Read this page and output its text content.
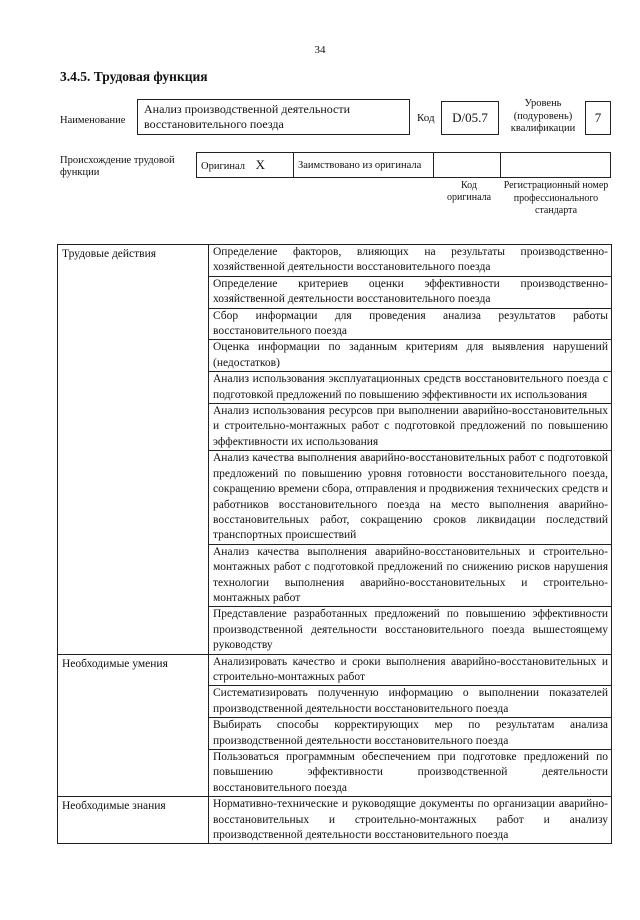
34
3.4.5. Трудовая функция
Наименование
Анализ производственной деятельности восстановительного поезда	Код	D/05.7
Уровень (подуровень) квалификации
7
Происхождение трудовой функции
Оригинал X	Заимствовано из оригинала		
Код оригинала
Регистрационный номер профессионального стандарта
Трудовые действия	Определение факторов, влияющих на результаты производственно-хозяйственной деятельности восстановительного поезда
	Определение критериев оценки эффективности производственно-хозяйственной деятельности восстановительного поезда
	Сбор информации для проведения анализа результатов работы восстановительного поезда
	Оценка информации по заданным критериям для выявления нарушений (недостатков)
	Анализ использования эксплуатационных средств восстановительного поезда с подготовкой предложений по повышению эффективности их использования
	Анализ использования ресурсов при выполнении аварийно-восстановительных и строительно-монтажных работ с подготовкой предложений по повышению эффективности их использования
	Анализ качества выполнения аварийно-восстановительных работ с подготовкой предложений по повышению уровня готовности восстановительного поезда, сокращению времени сбора, отправления и продвижения технических средств и работников восстановительного поезда на место выполнения аварийно-восстановительных работ, сокращению сроков ликвидации последствий транспортных происшествий
	Анализ качества выполнения аварийно-восстановительных и строительно-монтажных работ с подготовкой предложений по снижению рисков нарушения технологии выполнения аварийно-восстановительных и строительно-монтажных работ
	Представление разработанных предложений по повышению эффективности производственной деятельности восстановительного поезда вышестоящему руководству
Необходимые умения	Анализировать качество и сроки выполнения аварийно-восстановительных и строительно-монтажных работ
	Систематизировать полученную информацию о выполнении показателей производственной деятельности восстановительного поезда
	Выбирать способы корректирующих мер по результатам анализа производственной деятельности восстановительного поезда
	Пользоваться программным обеспечением при подготовке предложений по повышению эффективности производственной деятельности восстановительного поезда
Необходимые знания	Нормативно-технические и руководящие документы по организации аварийно-восстановительных и строительно-монтажных работ и анализу производственной деятельности восстановительного поезда
